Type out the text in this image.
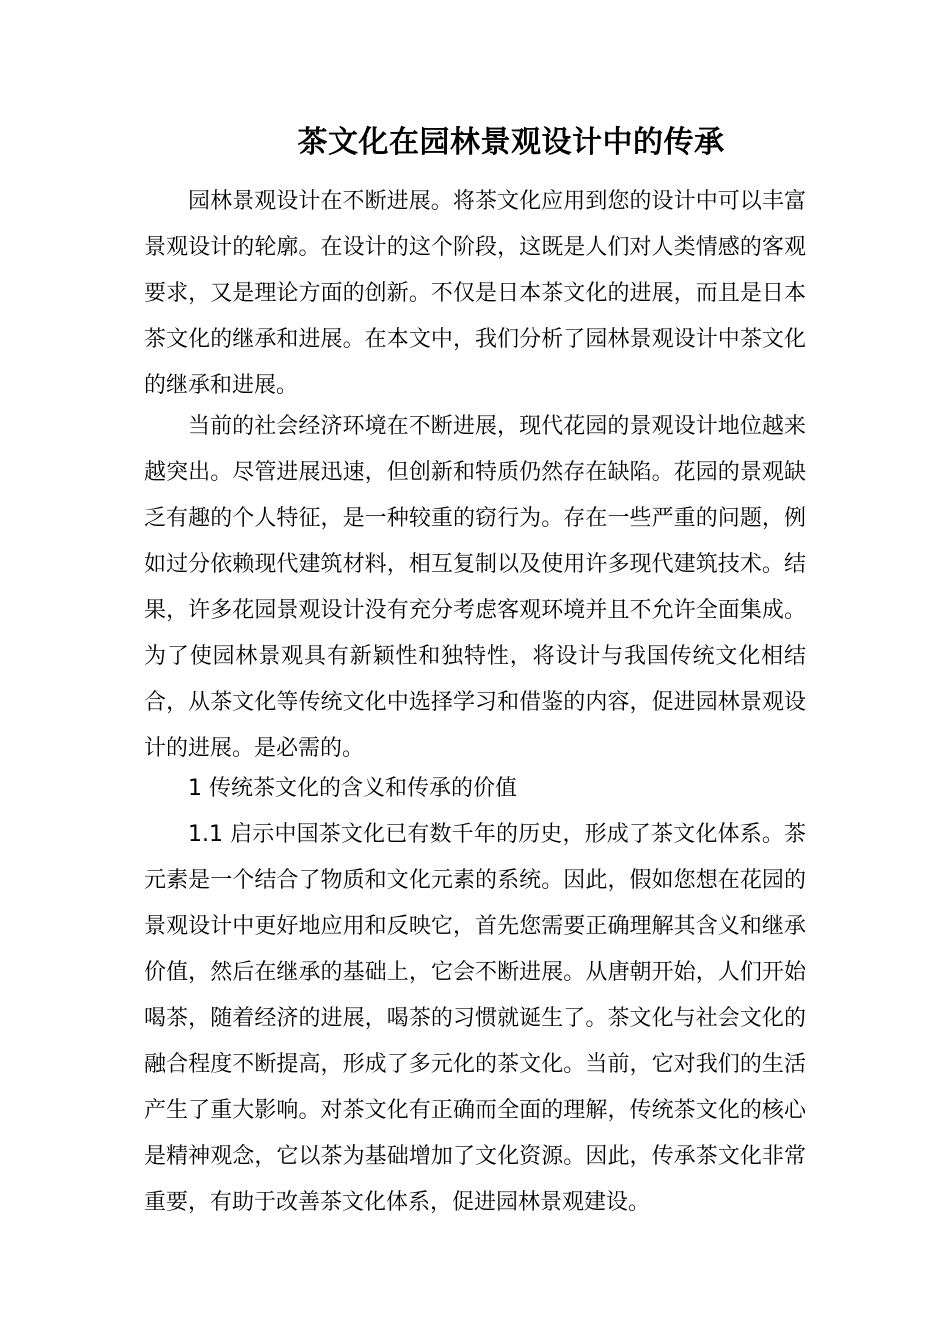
茶文化在园林景观设计中的传承

园林景观设计在不断进展。将茶文化应用到您的设计中可以丰富景观设计的轮廓。在设计的这个阶段，这既是人们对人类情感的客观要求，又是理论方面的创新。不仅是日本茶文化的进展，而且是日本茶文化的继承和进展。在本文中，我们分析了园林景观设计中茶文化的继承和进展。

当前的社会经济环境在不断进展，现代花园的景观设计地位越来越突出。尽管进展迅速，但创新和特质仍然存在缺陷。花园的景观缺乏有趣的个人特征，是一种较重的窃行为。存在一些严重的问题，例如过分依赖现代建筑材料，相互复制以及使用许多现代建筑技术。结果，许多花园景观设计没有充分考虑客观环境并且不允许全面集成。为了使园林景观具有新颖性和独特性，将设计与我国传统文化相结合，从茶文化等传统文化中选择学习和借鉴的内容，促进园林景观设计的进展。是必需的。

1 传统茶文化的含义和传承的价值

1.1 启示中国茶文化已有数千年的历史，形成了茶文化体系。茶元素是一个结合了物质和文化元素的系统。因此，假如您想在花园的景观设计中更好地应用和反映它，首先您需要正确理解其含义和继承价值，然后在继承的基础上，它会不断进展。从唐朝开始，人们开始喝茶，随着经济的进展，喝茶的习惯就诞生了。茶文化与社会文化的融合程度不断提高，形成了多元化的茶文化。当前，它对我们的生活产生了重大影响。对茶文化有正确而全面的理解，传统茶文化的核心是精神观念，它以茶为基础增加了文化资源。因此，传承茶文化非常重要，有助于改善茶文化体系，促进园林景观建设。
